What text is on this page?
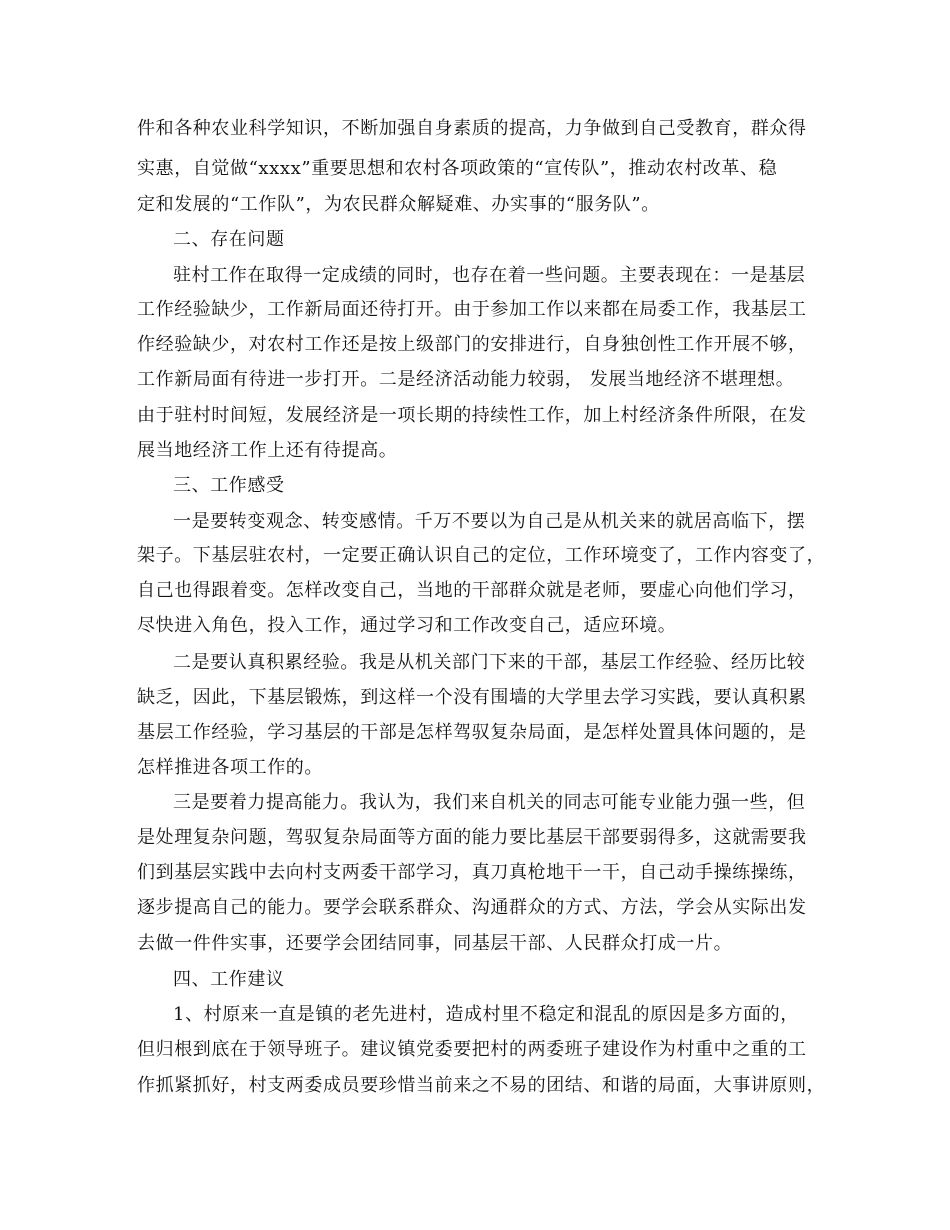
件和各种农业科学知识，不断加强自身素质的提高，力争做到自己受教育，群众得

实惠，自觉做“xxxx”重要思想和农村各项政策的“宣传队”，推动农村改革、稳

定和发展的“工作队”，为农民群众解疑难、办实事的“服务队”。

二、存在问题

驻村工作在取得一定成绩的同时，也存在着一些问题。主要表现在：一是基层

工作经验缺少，工作新局面还待打开。由于参加工作以来都在局委工作，我基层工

作经验缺少，对农村工作还是按上级部门的安排进行，自身独创性工作开展不够，

工作新局面有待进一步打开。二是经济活动能力较弱， 发展当地经济不堪理想。

由于驻村时间短，发展经济是一项长期的持续性工作，加上村经济条件所限，在发

展当地经济工作上还有待提高。

三、工作感受

一是要转变观念、转变感情。千万不要以为自己是从机关来的就居高临下，摆

架子。下基层驻农村，一定要正确认识自己的定位，工作环境变了，工作内容变了，

自己也得跟着变。怎样改变自己，当地的干部群众就是老师，要虚心向他们学习，

尽快进入角色，投入工作，通过学习和工作改变自己，适应环境。

二是要认真积累经验。我是从机关部门下来的干部，基层工作经验、经历比较

缺乏，因此，下基层锻炼，到这样一个没有围墙的大学里去学习实践，要认真积累

基层工作经验，学习基层的干部是怎样驾驭复杂局面，是怎样处置具体问题的，是

怎样推进各项工作的。

三是要着力提高能力。我认为，我们来自机关的同志可能专业能力强一些，但

是处理复杂问题，驾驭复杂局面等方面的能力要比基层干部要弱得多，这就需要我

们到基层实践中去向村支两委干部学习，真刀真枪地干一干，自己动手操练操练，

逐步提高自己的能力。要学会联系群众、沟通群众的方式、方法，学会从实际出发

去做一件件实事，还要学会团结同事，同基层干部、人民群众打成一片。

四、工作建议

1、村原来一直是镇的老先进村，造成村里不稳定和混乱的原因是多方面的，

但归根到底在于领导班子。建议镇党委要把村的两委班子建设作为村重中之重的工

作抓紧抓好，村支两委成员要珍惜当前来之不易的团结、和谐的局面，大事讲原则，
